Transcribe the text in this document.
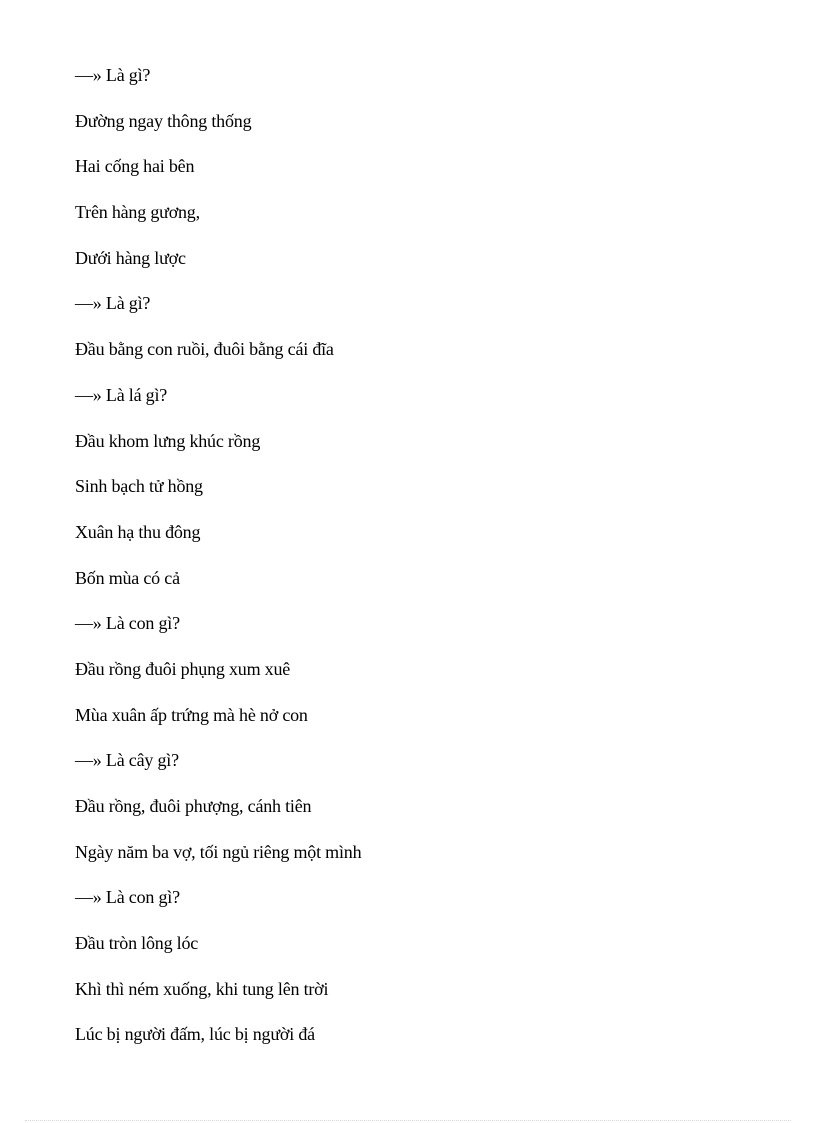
—» Là gì?
Đường ngay thông thống
Hai cống hai bên
Trên hàng gương,
Dưới hàng lược
—» Là gì?
Đầu bằng con ruồi, đuôi bằng cái đĩa
—» Là lá gì?
Đầu khom lưng khúc rồng
Sinh bạch tử hồng
Xuân hạ thu đông
Bốn mùa có cả
—» Là con gì?
Đầu rồng đuôi phụng xum xuê
Mùa xuân ấp trứng mà hè nở con
—» Là cây gì?
Đầu rồng, đuôi phượng, cánh tiên
Ngày năm ba vợ, tối ngủ riêng một mình
—» Là con gì?
Đầu tròn lông lóc
Khì thì ném xuống, khi tung lên trời
Lúc bị người đấm, lúc bị người đá
